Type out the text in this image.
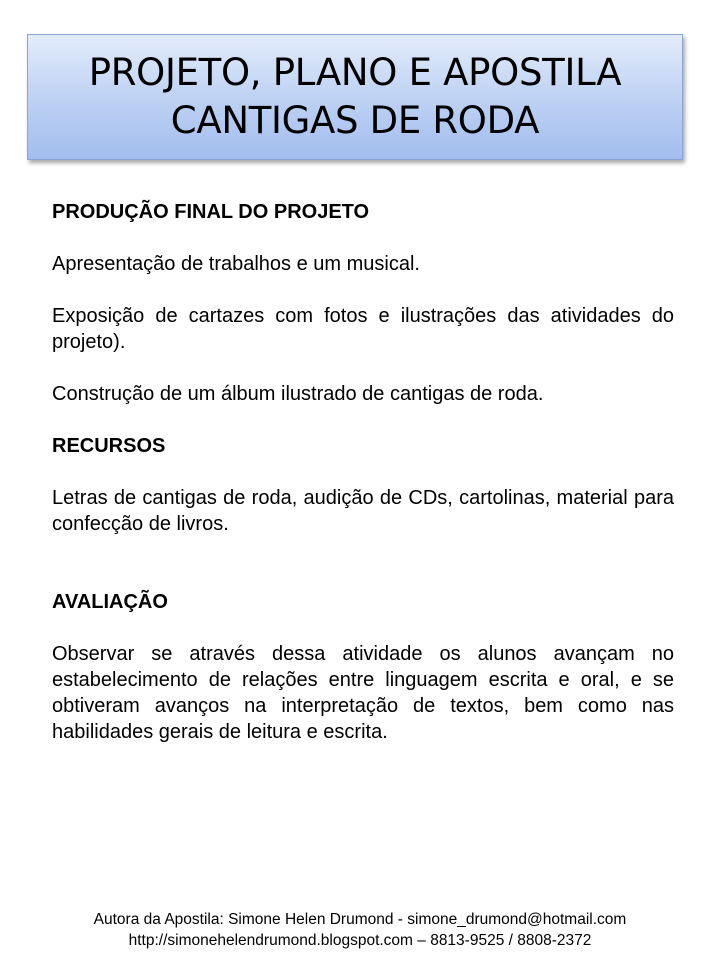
PROJETO, PLANO E APOSTILA
CANTIGAS DE RODA

PRODUÇÃO FINAL DO PROJETO

Apresentação de trabalhos e um musical.

Exposição de cartazes com fotos e ilustrações das atividades do projeto).

Construção de um álbum ilustrado de cantigas de roda.

RECURSOS

Letras de cantigas de roda, audição de CDs, cartolinas, material para confecção de livros.

AVALIAÇÃO

Observar se através dessa atividade os alunos avançam no estabelecimento de relações entre linguagem escrita e oral, e se obtiveram avanços na interpretação de textos, bem como nas habilidades gerais de leitura e escrita.

Autora da Apostila: Simone Helen Drumond - simone_drumond@hotmail.com
http://simonehelendrumond.blogspot.com – 8813-9525 / 8808-2372
